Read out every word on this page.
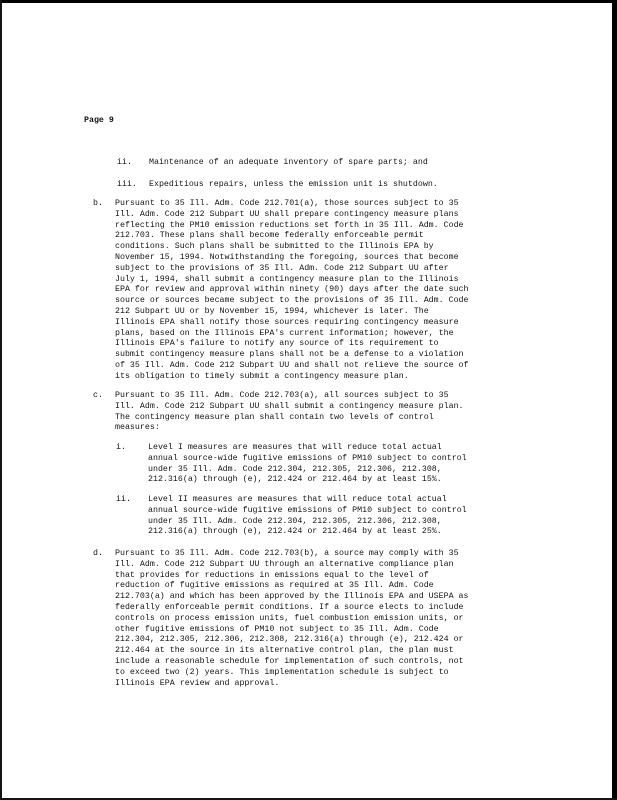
Page 9
ii. Maintenance of an adequate inventory of spare parts; and
iii. Expeditious repairs, unless the emission unit is shutdown.
b. Pursuant to 35 Ill. Adm. Code 212.701(a), those sources subject to 35
Ill. Adm. Code 212 Subpart UU shall prepare contingency measure plans
reflecting the PM10 emission reductions set forth in 35 Ill. Adm. Code
212.703. These plans shall become federally enforceable permit
conditions. Such plans shall be submitted to the Illinois EPA by
November 15, 1994. Notwithstanding the foregoing, sources that become
subject to the provisions of 35 Ill. Adm. Code 212 Subpart UU after
July 1, 1994, shall submit a contingency measure plan to the Illinois
EPA for review and approval within ninety (90) days after the date such
source or sources became subject to the provisions of 35 Ill. Adm. Code
212 Subpart UU or by November 15, 1994, whichever is later. The
Illinois EPA shall notify those sources requiring contingency measure
plans, based on the Illinois EPA's current information; however, the
Illinois EPA's failure to notify any source of its requirement to
submit contingency measure plans shall not be a defense to a violation
of 35 Ill. Adm. Code 212 Subpart UU and shall not relieve the source of
its obligation to timely submit a contingency measure plan.
c. Pursuant to 35 Ill. Adm. Code 212.703(a), all sources subject to 35
Ill. Adm. Code 212 Subpart UU shall submit a contingency measure plan.
The contingency measure plan shall contain two levels of control
measures:
i.	Level I measures are measures that will reduce total actual
annual source-wide fugitive emissions of PM10 subject to control
under 35 Ill. Adm. Code 212.304, 212.305, 212.306, 212.308,
212.316(a) through (e), 212.424 or 212.464 by at least 15%.
ii. Level II measures are measures that will reduce total actual
annual source-wide fugitive emissions of PM10 subject to control
under 35 Ill. Adm. Code 212.304, 212.305, 212.306, 212.308,
212.316(a) through (e), 212.424 or 212.464 by at least 25%.
d. Pursuant to 35 Ill. Adm. Code 212.703(b), a source may comply with 35
Ill. Adm. Code 212 Subpart UU through an alternative compliance plan
that provides for reductions in emissions equal to the level of
reduction of fugitive emissions as required at 35 Ill. Adm. Code
212.703(a) and which has been approved by the Illinois EPA and USEPA as
federally enforceable permit conditions. If a source elects to include
controls on process emission units, fuel combustion emission units, or
other fugitive emissions of PM10 not subject to 35 Ill. Adm. Code
212.304, 212.305, 212.306, 212.308, 212.316(a) through (e), 212.424 or
212.464 at the source in its alternative control plan, the plan must
include a reasonable schedule for implementation of such controls, not
to exceed two (2) years. This implementation schedule is subject to
Illinois EPA review and approval.
